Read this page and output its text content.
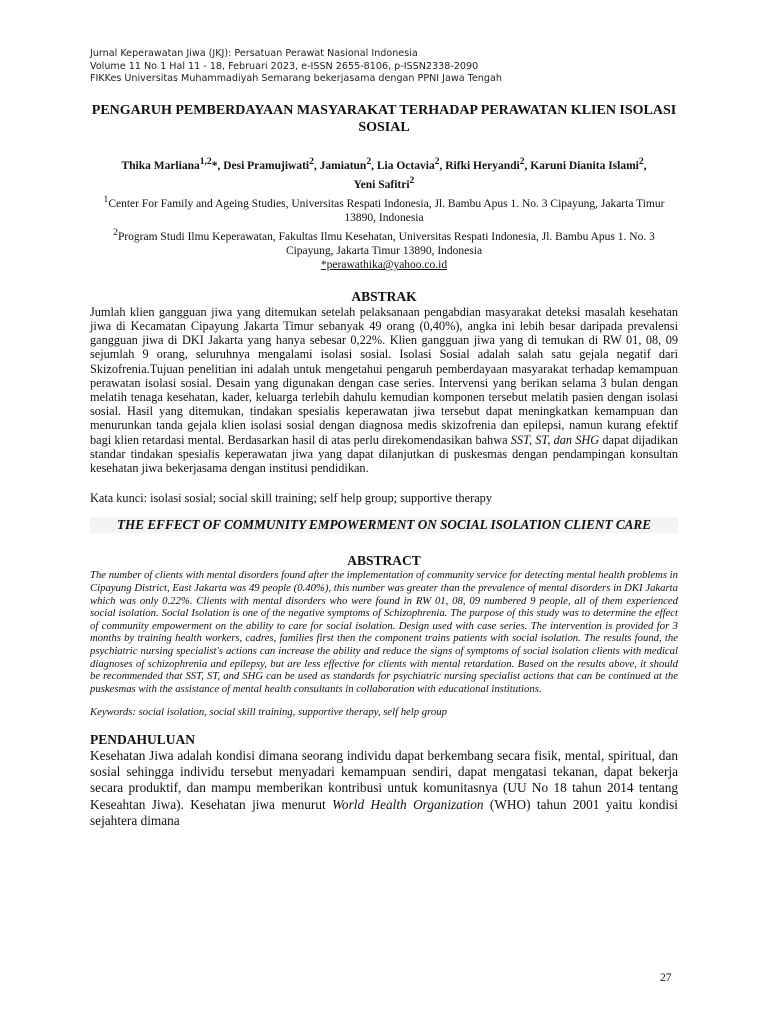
Jurnal Keperawatan Jiwa (JKJ): Persatuan Perawat Nasional Indonesia
Volume 11 No 1 Hal 11 - 18, Februari 2023, e-ISSN 2655-8106, p-ISSN2338-2090
FIKKes Universitas Muhammadiyah Semarang bekerjasama dengan PPNI Jawa Tengah
PENGARUH PEMBERDAYAAN MASYARAKAT TERHADAP PERAWATAN KLIEN ISOLASI SOSIAL
Thika Marliana$^{1,2}$*, Desi Pramujiwati$^2$, Jamiatun$^2$, Lia Octavia$^2$, Rifki Heryandi$^2$, Karuni Dianita Islami$^2$,
Yeni Safitri$^2$
$^1$Center For Family and Ageing Studies, Universitas Respati Indonesia, Jl. Bambu Apus 1. No. 3 Cipayung, Jakarta Timur 13890, Indonesia
$^2$Program Studi Ilmu Keperawatan, Fakultas Ilmu Kesehatan, Universitas Respati Indonesia, Jl. Bambu Apus 1. No. 3 Cipayung, Jakarta Timur 13890, Indonesia
*perawathika@yahoo.co.id
ABSTRAK
Jumlah klien gangguan jiwa yang ditemukan setelah pelaksanaan pengabdian masyarakat deteksi masalah kesehatan jiwa di Kecamatan Cipayung Jakarta Timur sebanyak 49 orang (0,40%), angka ini lebih besar daripada prevalensi gangguan jiwa di DKI Jakarta yang hanya sebesar 0,22%. Klien gangguan jiwa yang di temukan di RW 01, 08, 09 sejumlah 9 orang, seluruhnya mengalami isolasi sosial. Isolasi Sosial adalah salah satu gejala negatif dari Skizofrenia.Tujuan penelitian ini adalah untuk mengetahui pengaruh pemberdayaan masyarakat terhadap kemampuan perawatan isolasi sosial. Desain yang digunakan dengan case series. Intervensi yang berikan selama 3 bulan dengan melatih tenaga kesehatan, kader, keluarga terlebih dahulu kemudian komponen tersebut melatih pasien dengan isolasi sosial. Hasil yang ditemukan, tindakan spesialis keperawatan jiwa tersebut dapat meningkatkan kemampuan dan menurunkan tanda gejala klien isolasi sosial dengan diagnosa medis skizofrenia dan epilepsi, namun kurang efektif bagi klien retardasi mental. Berdasarkan hasil di atas perlu direkomendasikan bahwa SST, ST, dan SHG dapat dijadikan standar tindakan spesialis keperawatan jiwa yang dapat dilanjutkan di puskesmas dengan pendampingan konsultan kesehatan jiwa bekerjasama dengan institusi pendidikan.
Kata kunci: isolasi sosial; social skill training; self help group; supportive therapy
THE EFFECT OF COMMUNITY EMPOWERMENT ON SOCIAL ISOLATION CLIENT CARE
ABSTRACT
The number of clients with mental disorders found after the implementation of community service for detecting mental health problems in Cipayung District, East Jakarta was 49 people (0.40%), this number was greater than the prevalence of mental disorders in DKI Jakarta which was only 0.22%. Clients with mental disorders who were found in RW 01, 08, 09 numbered 9 people, all of them experienced social isolation. Social Isolation is one of the negative symptoms of Schizophrenia. The purpose of this study was to determine the effect of community empowerment on the ability to care for social isolation. Design used with case series. The intervention is provided for 3 months by training health workers, cadres, families first then the component trains patients with social isolation. The results found, the psychiatric nursing specialist's actions can increase the ability and reduce the signs of symptoms of social isolation clients with medical diagnoses of schizophrenia and epilepsy, but are less effective for clients with mental retardation. Based on the results above, it should be recommended that SST, ST, and SHG can be used as standards for psychiatric nursing specialist actions that can be continued at the puskesmas with the assistance of mental health consultants in collaboration with educational institutions.
Keywords: social isolation, social skill training, supportive therapy, self help group
PENDAHULUAN
Kesehatan Jiwa adalah kondisi dimana seorang individu dapat berkembang secara fisik, mental, spiritual, dan sosial sehingga individu tersebut menyadari kemampuan sendiri, dapat mengatasi tekanan, dapat bekerja secara produktif, dan mampu memberikan kontribusi untuk komunitasnya (UU No 18 tahun 2014 tentang Keseahtan Jiwa). Kesehatan jiwa menurut World Health Organization (WHO) tahun 2001 yaitu kondisi sejahtera dimana
27
